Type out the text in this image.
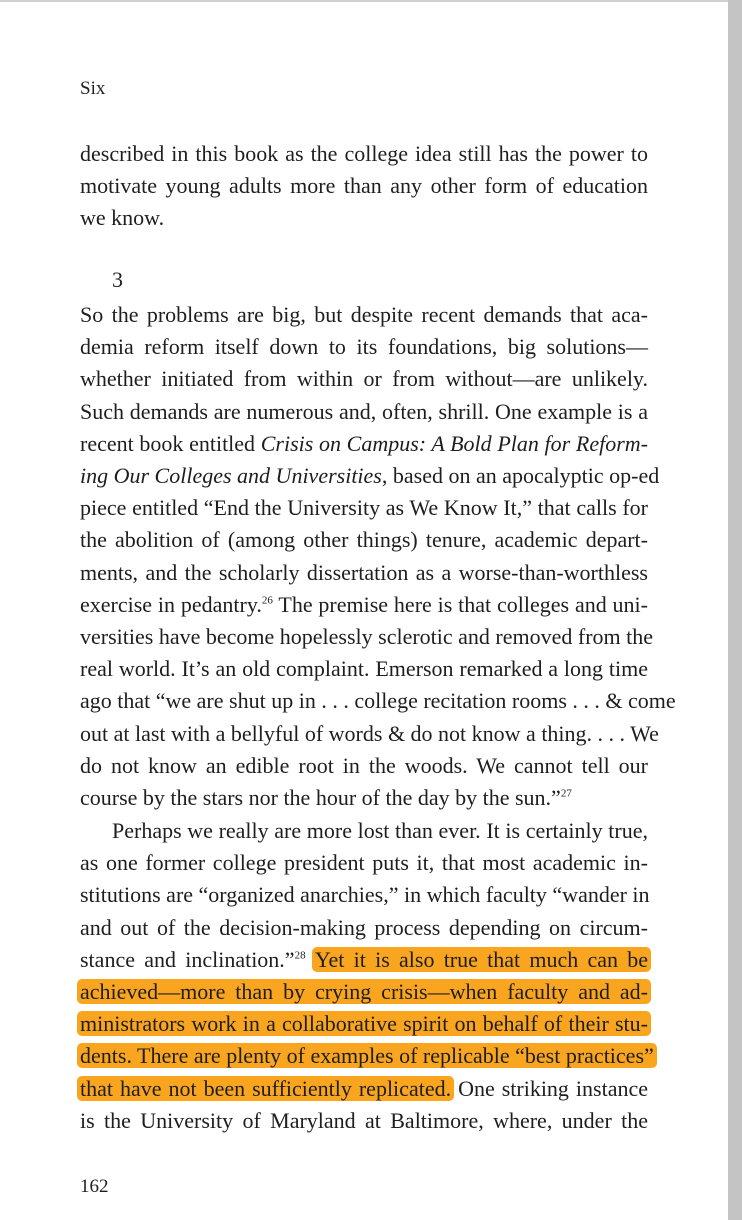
Six

described in this book as the college idea still has the power to
motivate young adults more than any other form of education
we know.

3

So the problems are big, but despite recent demands that aca-
demia reform itself down to its foundations, big solutions—
whether initiated from within or from without—are unlikely.
Such demands are numerous and, often, shrill. One example is a
recent book entitled Crisis on Campus: A Bold Plan for Reform-
ing Our Colleges and Universities, based on an apocalyptic op-ed
piece entitled “End the University as We Know It,” that calls for
the abolition of (among other things) tenure, academic depart-
ments, and the scholarly dissertation as a worse-than-worthless
exercise in pedantry.$^{26}$ The premise here is that colleges and uni-
versities have become hopelessly sclerotic and removed from the
real world. It’s an old complaint. Emerson remarked a long time
ago that “we are shut up in . . . college recitation rooms . . . & come
out at last with a bellyful of words & do not know a thing. . . . We
do not know an edible root in the woods. We cannot tell our
course by the stars nor the hour of the day by the sun.”$^{27}$

Perhaps we really are more lost than ever. It is certainly true,
as one former college president puts it, that most academic in-
stitutions are “organized anarchies,” in which faculty “wander in
and out of the decision-making process depending on circum-
stance and inclination.”$^{28}$ Yet it is also true that much can be
achieved—more than by crying crisis—when faculty and ad-
ministrators work in a collaborative spirit on behalf of their stu-
dents. There are plenty of examples of replicable “best practices”
that have not been sufficiently replicated. One striking instance
is the University of Maryland at Baltimore, where, under the

162
